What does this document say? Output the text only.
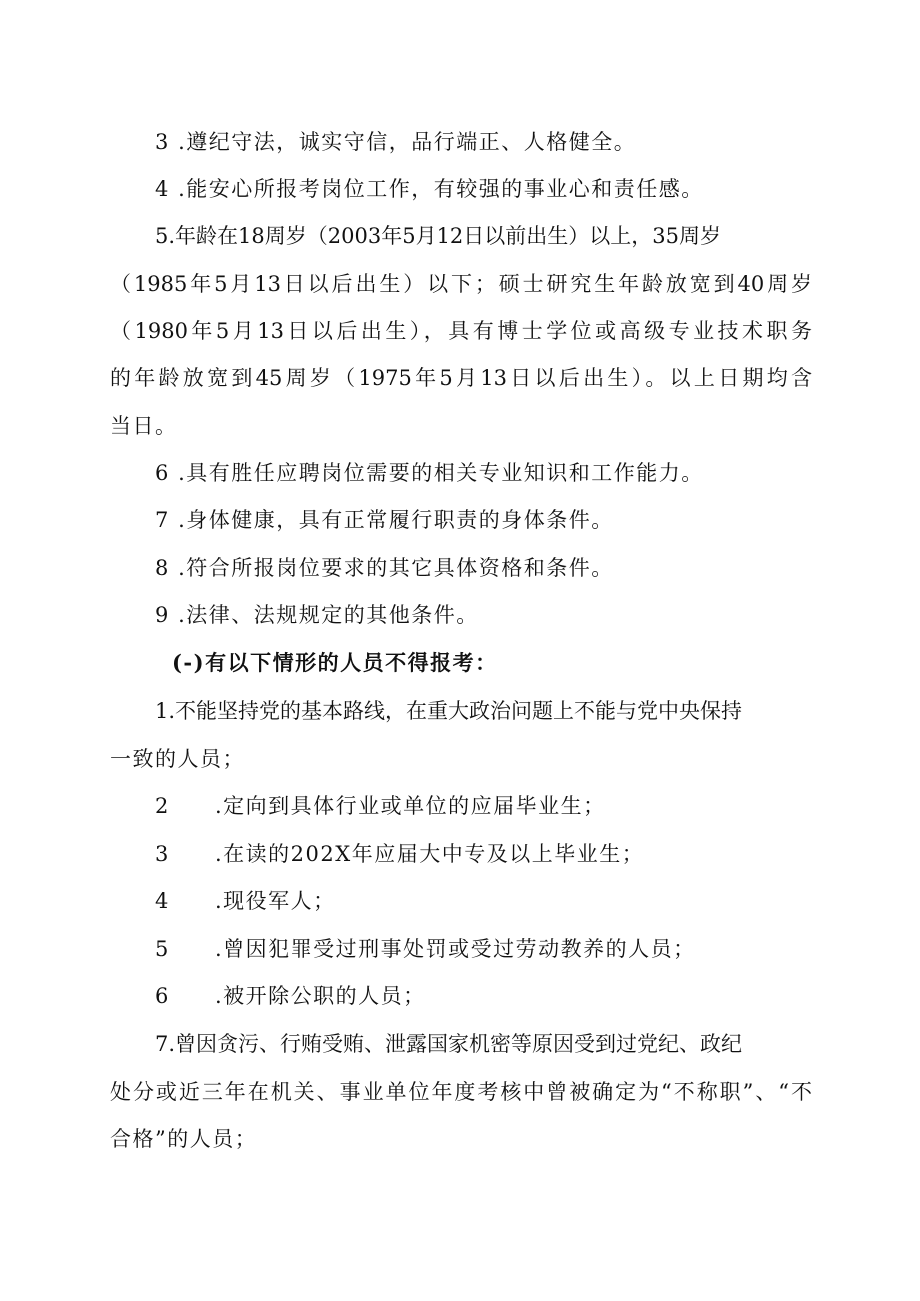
3 .遵纪守法，诚实守信，品行端正、人格健全。
4 .能安心所报考岗位工作，有较强的事业心和责任感。
5.年龄在18周岁（2003年5月12日以前出生）以上，35周岁
（1985年5月13日以后出生）以下；硕士研究生年龄放宽到40周岁
（1980年5月13日以后出生），具有博士学位或高级专业技术职务
的年龄放宽到45周岁（1975年5月13日以后出生）。以上日期均含
当日。
6 .具有胜任应聘岗位需要的相关专业知识和工作能力。
7 .身体健康，具有正常履行职责的身体条件。
8 .符合所报岗位要求的其它具体资格和条件。
9 .法律、法规规定的其他条件。
(-)有以下情形的人员不得报考：
1.不能坚持党的基本路线，在重大政治问题上不能与党中央保持
一致的人员；
2 .定向到具体行业或单位的应届毕业生；
3 .在读的202X年应届大中专及以上毕业生；
4 .现役军人；
5 .曾因犯罪受过刑事处罚或受过劳动教养的人员；
6 .被开除公职的人员；
7.曾因贪污、行贿受贿、泄露国家机密等原因受到过党纪、政纪
处分或近三年在机关、事业单位年度考核中曾被确定为“不称职”、“不
合格”的人员；
